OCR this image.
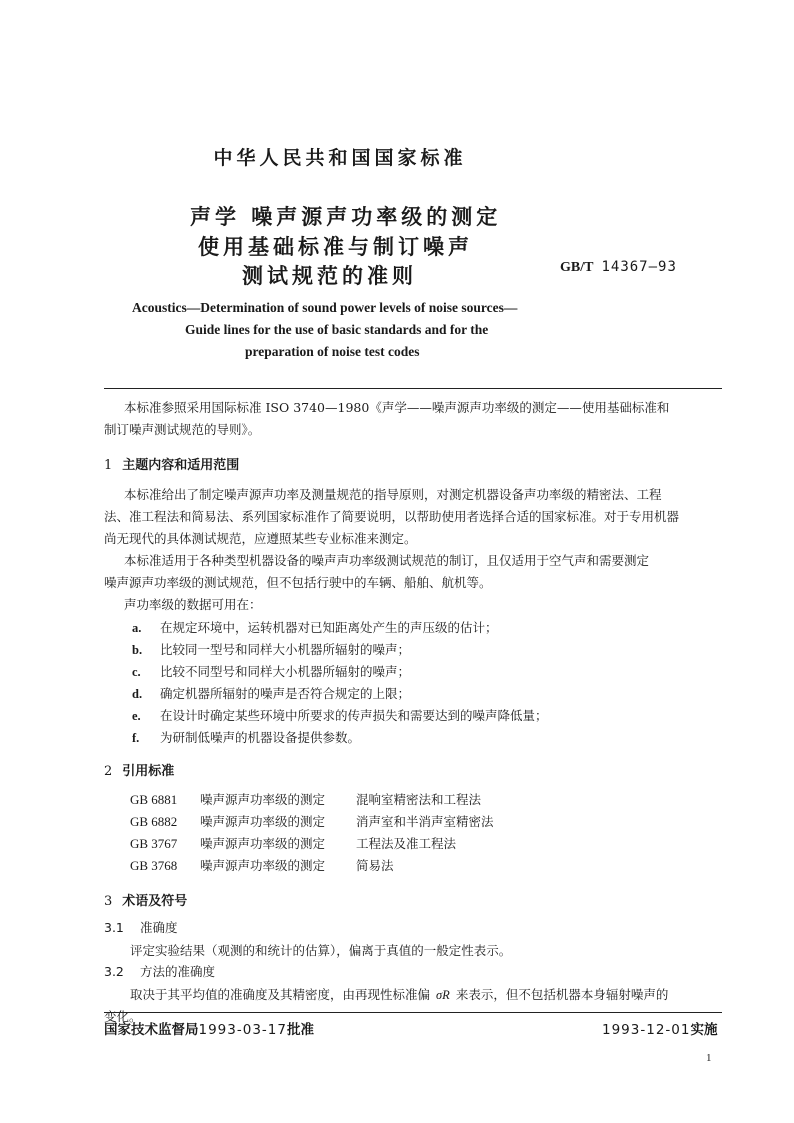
中华人民共和国国家标准
声学 噪声源声功率级的测定
使用基础标准与制订噪声
测试规范的准则	GB/T 14367—93
Acoustics—Determination of sound power levels of noise sources—
Guide lines for the use of basic standards and for the
preparation of noise test codes
本标准参照采用国际标准 ISO 3740—1980《声学——噪声源声功率级的测定——使用基础标准和
制订噪声测试规范的导则》。
1 主题内容和适用范围
本标准给出了制定噪声源声功率及测量规范的指导原则，对测定机器设备声功率级的精密法、工程
法、准工程法和简易法、系列国家标准作了简要说明，以帮助使用者选择合适的国家标准。对于专用机器
尚无现代的具体测试规范，应遵照某些专业标准来测定。
本标准适用于各种类型机器设备的噪声声功率级测试规范的制订，且仅适用于空气声和需要测定
噪声源声功率级的测试规范，但不包括行驶中的车辆、船舶、航机等。
声功率级的数据可用在：
a. 在规定环境中，运转机器对已知距离处产生的声压级的估计；
b. 比较同一型号和同样大小机器所辐射的噪声；
c. 比较不同型号和同样大小机器所辐射的噪声；
d. 确定机器所辐射的噪声是否符合规定的上限；
e. 在设计时确定某些环境中所要求的传声损失和需要达到的噪声降低量；
f. 为研制低噪声的机器设备提供参数。
2 引用标准
GB 6881 噪声源声功率级的测定 混响室精密法和工程法
GB 6882 噪声源声功率级的测定 消声室和半消声室精密法
GB 3767 噪声源声功率级的测定 工程法及准工程法
GB 3768 噪声源声功率级的测定 简易法
3 术语及符号
3.1 准确度
评定实验结果（观测的和统计的估算），偏离于真值的一般定性表示。
3.2 方法的准确度
取决于其平均值的准确度及其精密度，由再现性标准偏 σR 来表示，但不包括机器本身辐射噪声的
变化。
国家技术监督局1993-03-17批准	1993-12-01实施
1
